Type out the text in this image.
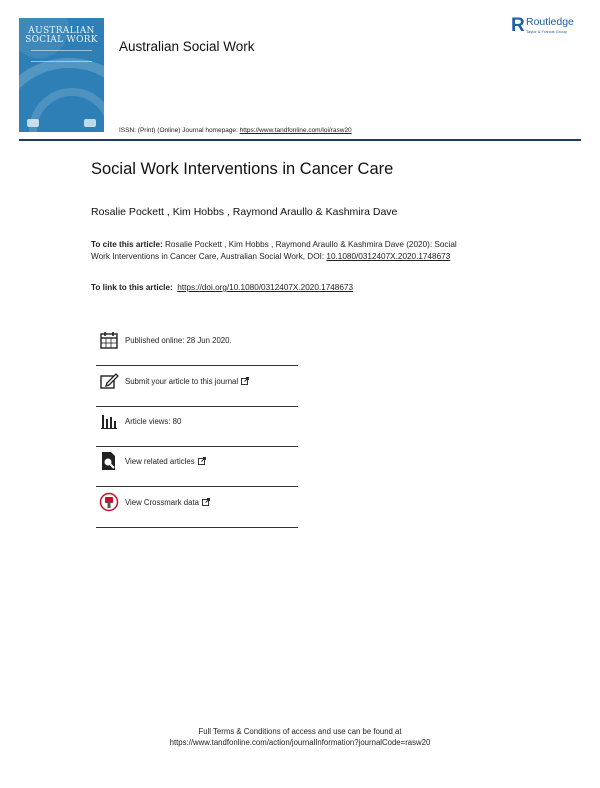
AUSTRALIAN
SOCIAL WORK Australian Social Work
R Routledge
Taylor & Francis Group
ISSN: (Print) (Online) Journal homepage: https://www.tandfonline.com/loi/rasw20
Social Work Interventions in Cancer Care
Rosalie Pockett , Kim Hobbs , Raymond Araullo & Kashmira Dave
To cite this article: Rosalie Pockett , Kim Hobbs , Raymond Araullo & Kashmira Dave (2020): Social Work Interventions in Cancer Care, Australian Social Work, DOI: 10.1080/0312407X.2020.1748673
To link to this article: https://doi.org/10.1080/0312407X.2020.1748673
Published online: 28 Jun 2020.
Submit your article to this journal
Article views: 80
View related articles
View Crossmark data
Full Terms & Conditions of access and use can be found at
https://www.tandfonline.com/action/journalInformation?journalCode=rasw20
